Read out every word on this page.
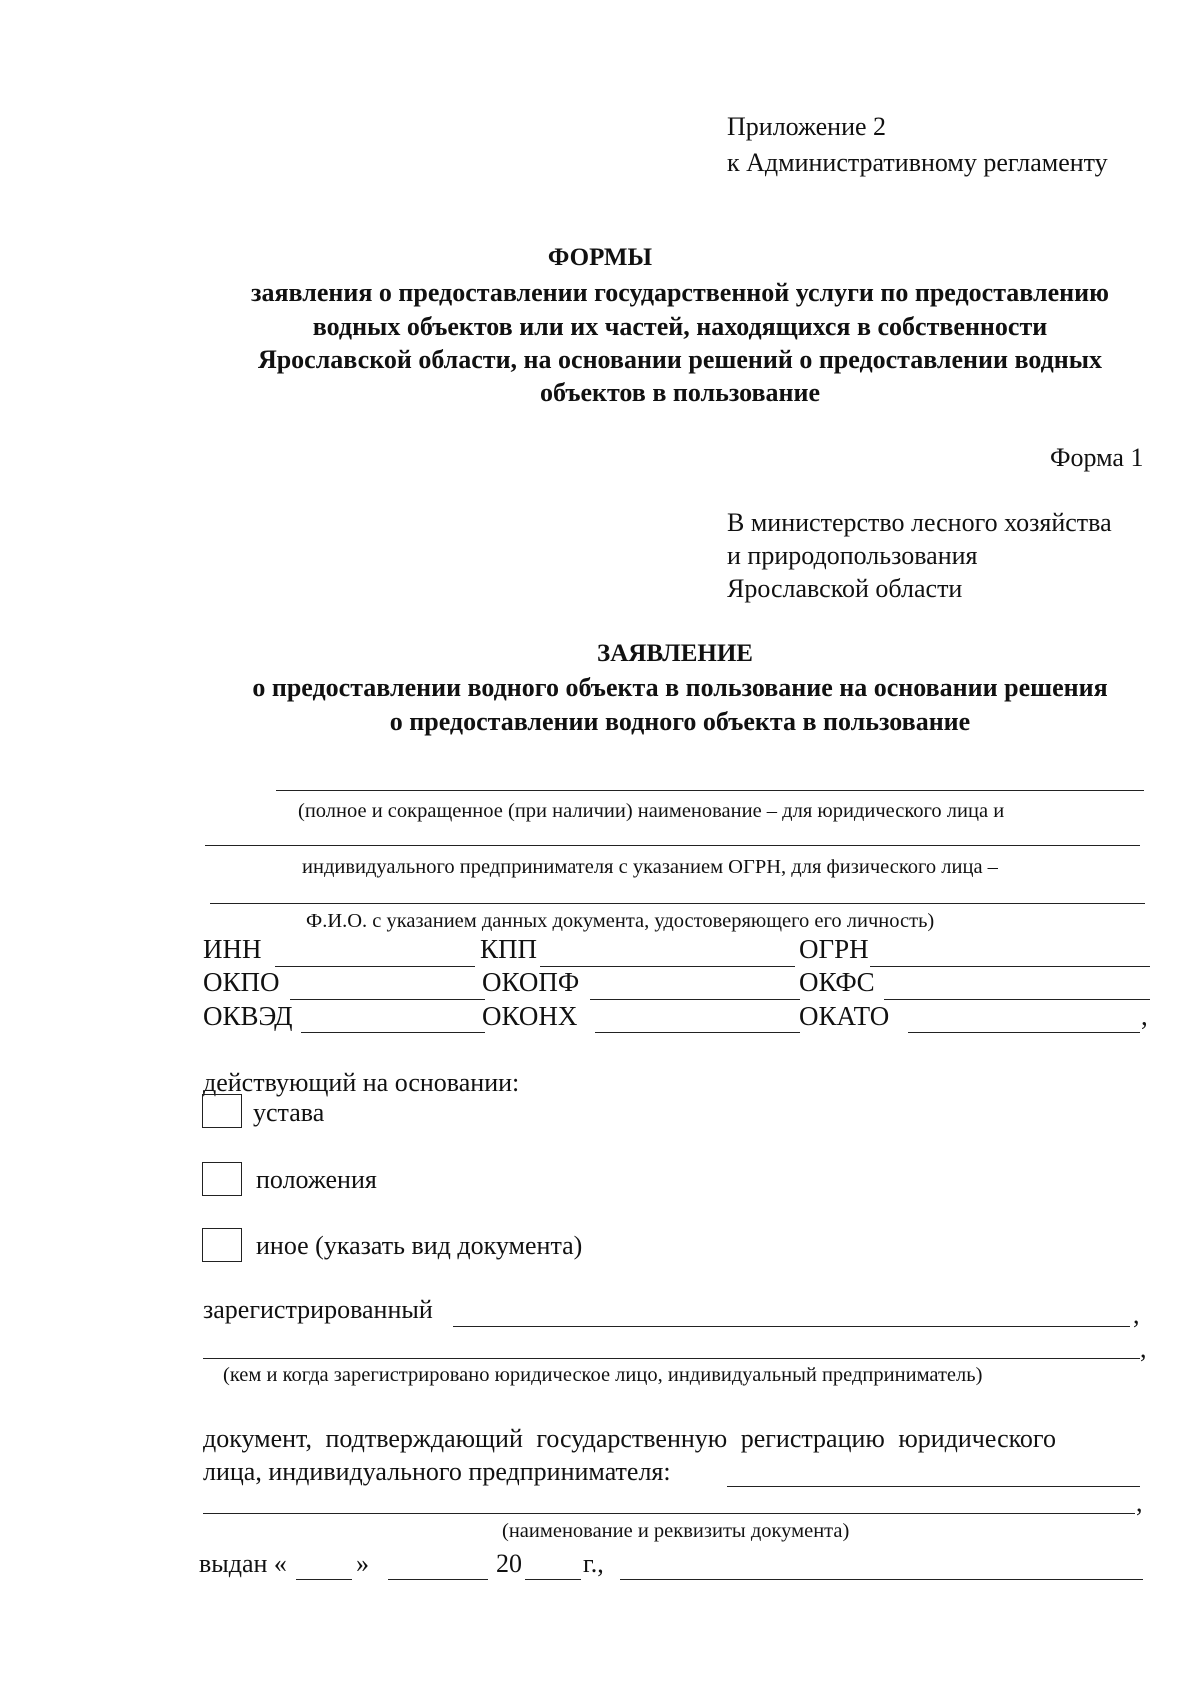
Приложение 2
к Административному регламенту
ФОРМЫ
заявления о предоставлении государственной услуги по предоставлению
водных объектов или их частей, находящихся в собственности
Ярославской области, на основании решений о предоставлении водных
объектов в пользование
Форма 1
В министерство лесного хозяйства
и природопользования
Ярославской области
ЗАЯВЛЕНИЕ
о предоставлении водного объекта в пользование на основании решения
о предоставлении водного объекта в пользование
(полное и сокращенное (при наличии) наименование – для юридического лица и
индивидуального предпринимателя с указанием ОГРН, для физического лица –
Ф.И.О. с указанием данных документа, удостоверяющего его личность)
ИНН	КПП	ОГРН
ОКПО	ОКОПФ	ОКФС
ОКВЭД	ОКОНХ	ОКАТО	,
действующий на основании:
устава
положения
иное (указать вид документа)
зарегистрированный	,
,
(кем и когда зарегистрировано юридическое лицо, индивидуальный предприниматель)
документ, подтверждающий государственную регистрацию юридического
лица, индивидуального предпринимателя:
,
(наименование и реквизиты документа)
выдан «	»	20 г.,
